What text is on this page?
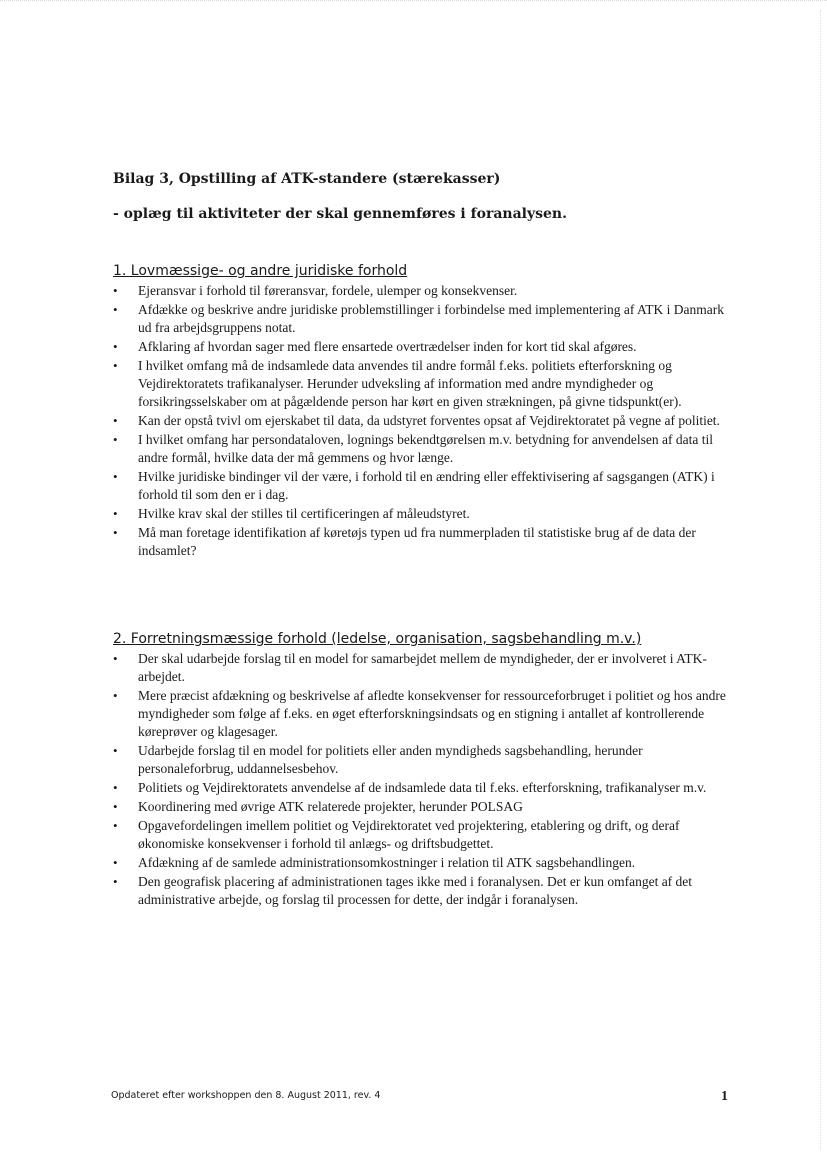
Bilag 3, Opstilling af ATK-standere (stærekasser)
- oplæg til aktiviteter der skal gennemføres i foranalysen.
1. Lovmæssige- og andre juridiske forhold
• Ejeransvar i forhold til føreransvar, fordele, ulemper og konsekvenser.
• Afdække og beskrive andre juridiske problemstillinger i forbindelse med implementering af ATK i Danmark ud fra arbejdsgruppens notat.
• Afklaring af hvordan sager med flere ensartede overtrædelser inden for kort tid skal afgøres.
• I hvilket omfang må de indsamlede data anvendes til andre formål f.eks. politiets efterforskning og Vejdirektoratets trafikanalyser. Herunder udveksling af information med andre myndigheder og forsikringsselskaber om at pågældende person har kørt en given strækningen, på givne tidspunkt(er).
• Kan der opstå tvivl om ejerskabet til data, da udstyret forventes opsat af Vejdirektoratet på vegne af politiet.
• I hvilket omfang har persondataloven, lognings bekendtgørelsen m.v. betydning for anvendelsen af data til andre formål, hvilke data der må gemmens og hvor længe.
• Hvilke juridiske bindinger vil der være, i forhold til en ændring eller effektivisering af sagsgangen (ATK) i forhold til som den er i dag.
• Hvilke krav skal der stilles til certificeringen af måleudstyret.
• Må man foretage identifikation af køretøjs typen ud fra nummerpladen til statistiske brug af de data der indsamlet?
2. Forretningsmæssige forhold (ledelse, organisation, sagsbehandling m.v.)
• Der skal udarbejde forslag til en model for samarbejdet mellem de myndigheder, der er involveret i ATK-arbejdet.
• Mere præcist afdækning og beskrivelse af afledte konsekvenser for ressourceforbruget i politiet og hos andre myndigheder som følge af f.eks. en øget efterforskningsindsats og en stigning i antallet af kontrollerende køreprøver og klagesager.
• Udarbejde forslag til en model for politiets eller anden myndigheds sagsbehandling, herunder personaleforbrug, uddannelsesbehov.
• Politiets og Vejdirektoratets anvendelse af de indsamlede data til f.eks. efterforskning, trafikanalyser m.v.
• Koordinering med øvrige ATK relaterede projekter, herunder POLSAG
• Opgavefordelingen imellem politiet og Vejdirektoratet ved projektering, etablering og drift, og deraf økonomiske konsekvenser i forhold til anlægs- og driftsbudgettet.
• Afdækning af de samlede administrationsomkostninger i relation til ATK sagsbehandlingen.
• Den geografisk placering af administrationen tages ikke med i foranalysen. Det er kun omfanget af det administrative arbejde, og forslag til processen for dette, der indgår i foranalysen.
Opdateret efter workshoppen den 8. August 2011, rev. 4	1
